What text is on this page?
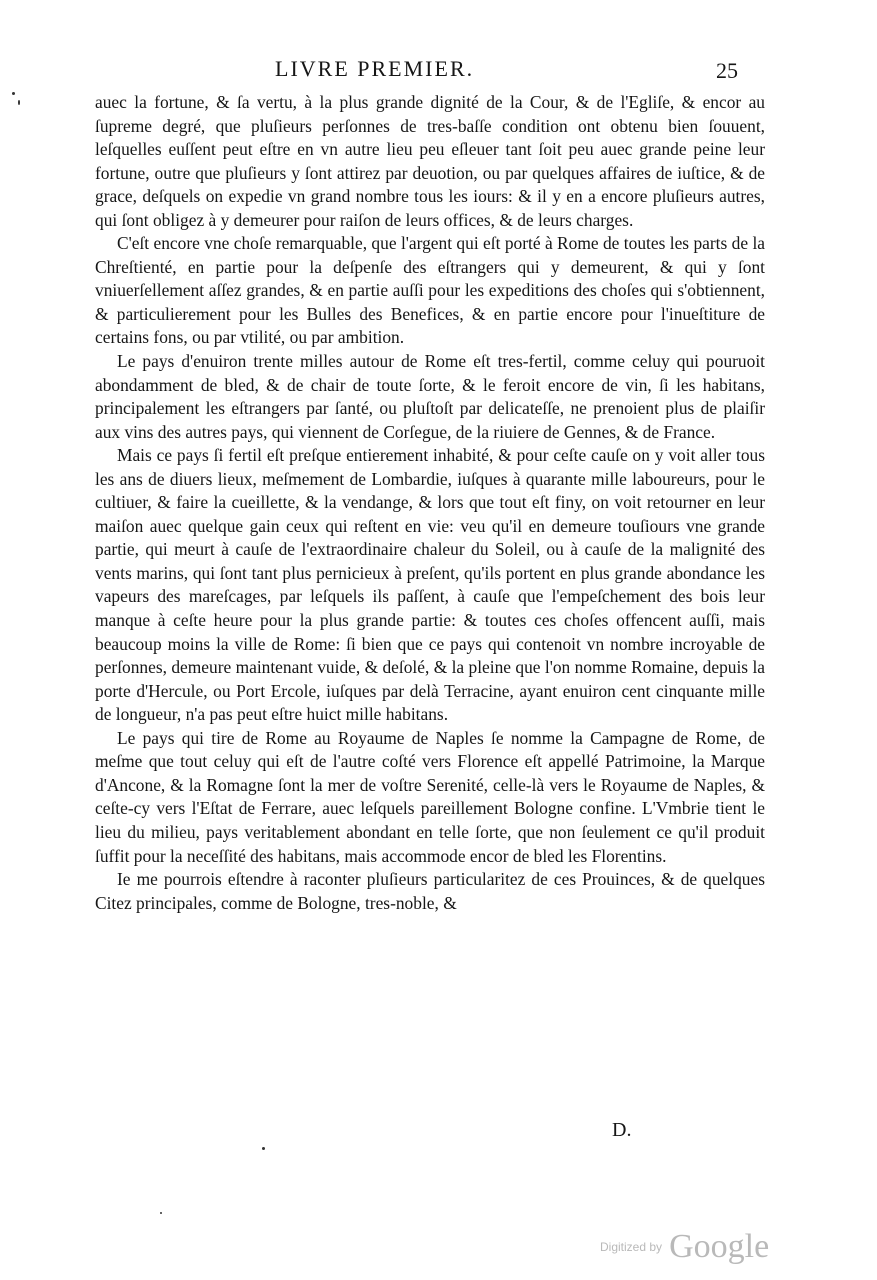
LIVRE PREMIER.	25

auec la fortune, & ſa vertu, à la plus grande dignité de la Cour, & de l'Egliſe, & encor au ſupreme degré, que pluſieurs perſonnes de tres-baſſe condition ont obtenu bien ſouuent, leſquelles euſſent peut eſtre en vn autre lieu peu eſleuer tant ſoit peu auec grande peine leur fortune, outre que pluſieurs y ſont attirez par deuotion, ou par quelques affaires de iuſtice, & de grace, deſquels on expedie vn grand nombre tous les iours: & il y en a encore pluſieurs autres, qui ſont obligez à y demeurer pour raiſon de leurs offices, & de leurs charges.

C'eſt encore vne choſe remarquable, que l'argent qui eſt porté à Rome de toutes les parts de la Chreſtienté, en partie pour la deſpenſe des eſtrangers qui y demeurent, & qui y ſont vniuerſellement aſſez grandes, & en partie auſſi pour les expeditions des choſes qui s'obtiennent, & particulierement pour les Bulles des Benefices, & en partie encore pour l'inueſtiture de certains fons, ou par vtilité, ou par ambition.

Le pays d'enuiron trente milles autour de Rome eſt tres-fertil, comme celuy qui pouruoit abondamment de bled, & de chair de toute ſorte, & le feroit encore de vin, ſi les habitans, principalement les eſtrangers par ſanté, ou pluſtoſt par delicateſſe, ne prenoient plus de plaiſir aux vins des autres pays, qui viennent de Corſegue, de la riuiere de Gennes, & de France.

Mais ce pays ſi fertil eſt preſque entierement inhabité, & pour ceſte cauſe on y voit aller tous les ans de diuers lieux, meſmement de Lombardie, iuſques à quarante mille laboureurs, pour le cultiuer, & faire la cueillette, & la vendange, & lors que tout eſt finy, on voit retourner en leur maiſon auec quelque gain ceux qui reſtent en vie: veu qu'il en demeure touſiours vne grande partie, qui meurt à cauſe de l'extraordinaire chaleur du Soleil, ou à cauſe de la malignité des vents marins, qui ſont tant plus pernicieux à preſent, qu'ils portent en plus grande abondance les vapeurs des mareſcages, par leſquels ils paſſent, à cauſe que l'empeſchement des bois leur manque à ceſte heure pour la plus grande partie: & toutes ces choſes offencent auſſi, mais beaucoup moins la ville de Rome: ſi bien que ce pays qui contenoit vn nombre incroyable de perſonnes, demeure maintenant vuide, & deſolé, & la pleine que l'on nomme Romaine, depuis la porte d'Hercule, ou Port Ercole, iuſques par delà Terracine, ayant enuiron cent cinquante mille de longueur, n'a pas peut eſtre huict mille habitans.

Le pays qui tire de Rome au Royaume de Naples ſe nomme la Campagne de Rome, de meſme que tout celuy qui eſt de l'autre coſté vers Florence eſt appellé Patrimoine, la Marque d'Ancone, & la Romagne ſont la mer de voſtre Serenité, celle-là vers le Royaume de Naples, & ceſte-cy vers l'Eſtat de Ferrare, auec leſquels pareillement Bologne confine. L'Vmbrie tient le lieu du milieu, pays veritablement abondant en telle ſorte, que non ſeulement ce qu'il produit ſuffit pour la neceſſité des habitans, mais accommode encor de bled les Florentins.

Ie me pourrois eſtendre à raconter pluſieurs particularitez de ces Prouinces, & de quelques Citez principales, comme de Bologne, tres-noble, &

D.
Digitized by Google
